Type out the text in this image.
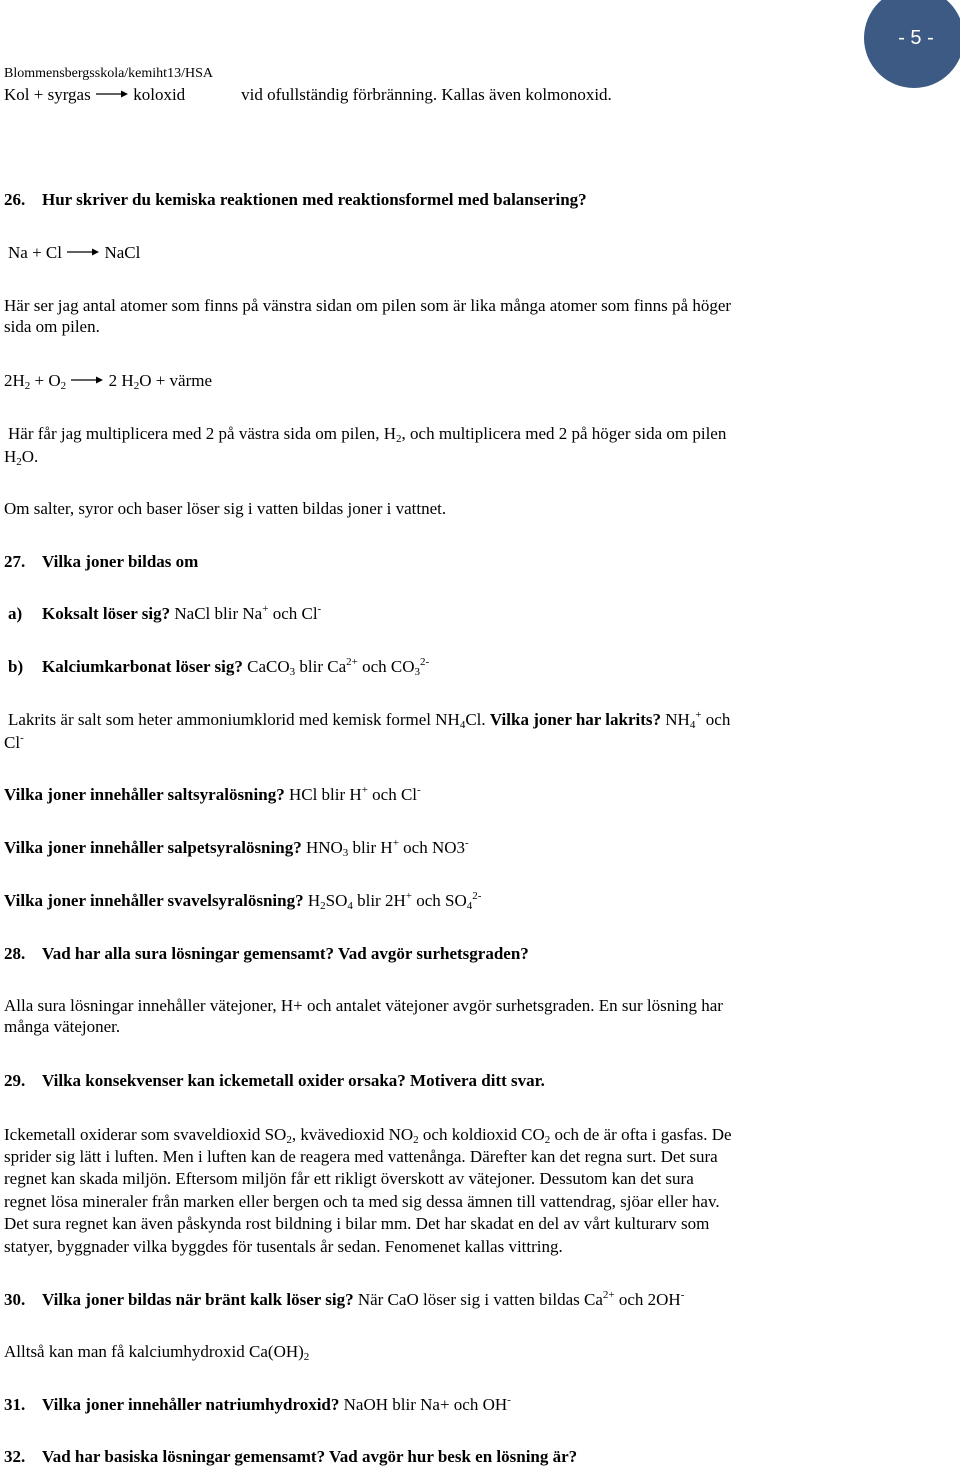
- 5 -
Blommensbergsskola/kemiht13/HSA
Kol + syrgas → koloxid	vid ofullständig förbränning. Kallas även kolmonoxid.
26. Hur skriver du kemiska reaktionen med reaktionsformel med balansering?
Na + Cl → NaCl
Här ser jag antal atomer som finns på vänstra sidan om pilen som är lika många atomer som finns på höger
sida om pilen.
$2H_2 + O_2 \to 2$ $H_2O$ + värme
Här får jag multiplicera med 2 på västra sida om pilen, $H_2$, och multiplicera med 2 på höger sida om pilen
$H_2O$.
Om salter, syror och baser löser sig i vatten bildas joner i vattnet.
27. Vilka joner bildas om
a) Koksalt löser sig? NaCl blir Na+ och Cl-
b) Kalciumkarbonat löser sig? CaCO$_3$ blir $Ca^{2+}$ och $CO_3^{2-}$
Lakrits är salt som heter ammoniumklorid med kemisk formel $NH_4Cl$. Vilka joner har lakrits? $NH_4^+$ och
Cl-
Vilka joner innehåller saltsyralösning? HCl blir H+ och Cl-
Vilka joner innehåller salpetsyralösning? $HNO_3$ blir H+ och NO3-
Vilka joner innehåller svavelsyralösning? $H_2SO_4$ blir 2H+ och $SO_4^{2-}$
28. Vad har alla sura lösningar gemensamt? Vad avgör surhetsgraden?
Alla sura lösningar innehåller vätejoner, H+ och antalet vätejoner avgör surhetsgraden. En sur lösning har
många vätejoner.
29. Vilka konsekvenser kan ickemetall oxider orsaka? Motivera ditt svar.
Ickemetall oxiderar som svaveldioxid $SO_2$, kvävedioxid $NO_2$ och koldioxid $CO_2$ och de är ofta i gasfas. De
sprider sig lätt i luften. Men i luften kan de reagera med vattenånga. Därefter kan det regna surt. Det sura
regnet kan skada miljön. Eftersom miljön får ett rikligt överskott av vätejoner. Dessutom kan det sura
regnet lösa mineraler från marken eller bergen och ta med sig dessa ämnen till vattendrag, sjöar eller hav.
Det sura regnet kan även påskynda rost bildning i bilar mm. Det har skadat en del av vårt kulturarv som
statyer, byggnader vilka byggdes för tusentals år sedan. Fenomenet kallas vittring.
30. Vilka joner bildas när bränt kalk löser sig? När CaO löser sig i vatten bildas $Ca^{2+}$ och 2OH-
Alltså kan man få kalciumhydroxid $Ca(OH)_2$
31. Vilka joner innehåller natriumhydroxid? NaOH blir Na+ och OH-
32. Vad har basiska lösningar gemensamt? Vad avgör hur besk en lösning är?
